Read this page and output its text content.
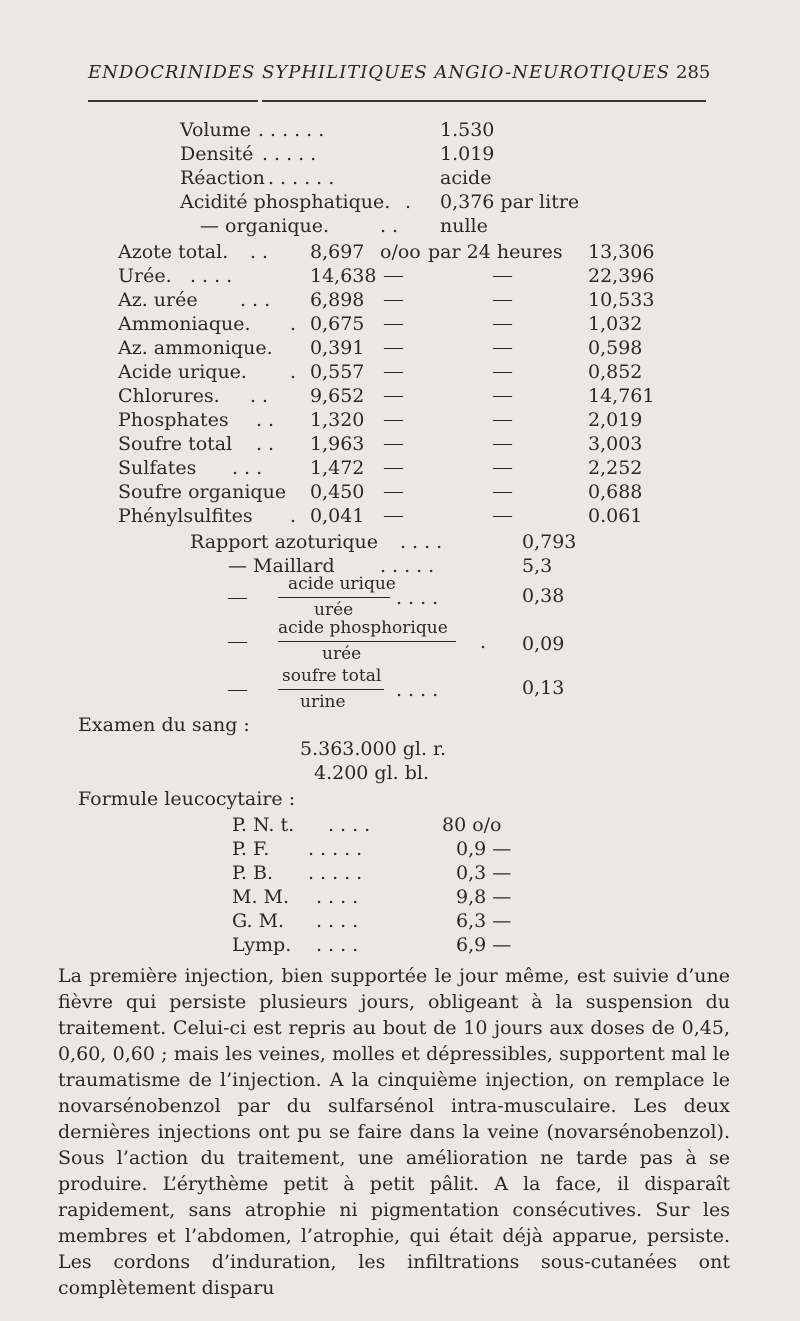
ENDOCRINIDES SYPHILITIQUES ANGIO-NEUROTIQUES 285
Volume ......	1.530
Densité .....	1.019
Réaction ......	acide
Acidité phosphatique. . 0,376 par litre
— organique.	.. nulle
Azote total. .. 8,697 o/oo par 24 heures 13,306
Urée. ....	14,638 —	—	22,396
Az. urée ... 6,898 —	—	10,533
Ammoniaque. . 0,675 —	—	1,032
Az. ammonique. 0,391 —	—	0,598
Acide urique. . 0,557 —	—	0,852
Chlorures. .. 9,652 —	—	14,761
Phosphates .. 1,320 —	—	2,019
Soufre total .. 1,963 —	—	3,003
Sulfates ... 1,472 —	—	2,252
Soufre organique 0,450 —	—	0,688
Phénylsulfites . 0,041 —	—	0.061
Rapport azoturique ....	0,793
— Maillard .....	5,3
—
acide urique
urée
....	0,38
—
acide phosphorique
urée
. 0,09
—
soufre total
urine
....	0,13
Examen du sang :
5.363.000 gl. r.
4.200 gl. bl.
Formule leucocytaire :
P. N. t. ....	80 o/o
P. F. .....	0,9 —
P. B. .....	0,3 —
M. M. ....	9,8 —
G. M. ....	6,3 —
Lymp. ....	6,9 —

La première injection, bien supportée le jour même, est suivie d’une fièvre qui persiste plusieurs jours, obligeant à la suspension du traitement. Celui-ci est repris au bout de 10 jours aux doses de 0,45, 0,60, 0,60 ; mais les veines, molles et dépressibles, supportent mal le traumatisme de l’injection. A la cinquième injection, on remplace le novarsénobenzol par du sulfarsénol intra-musculaire. Les deux dernières injections ont pu se faire dans la veine (novarsénobenzol). Sous l’action du traitement, une amélioration ne tarde pas à se produire. L’érythème petit à petit pâlit. A la face, il disparaît rapidement, sans atrophie ni pigmentation consécutives. Sur les membres et l’abdomen, l’atrophie, qui était déjà apparue, persiste. Les cordons d’induration, les infiltrations sous-cutanées ont complètement disparu
